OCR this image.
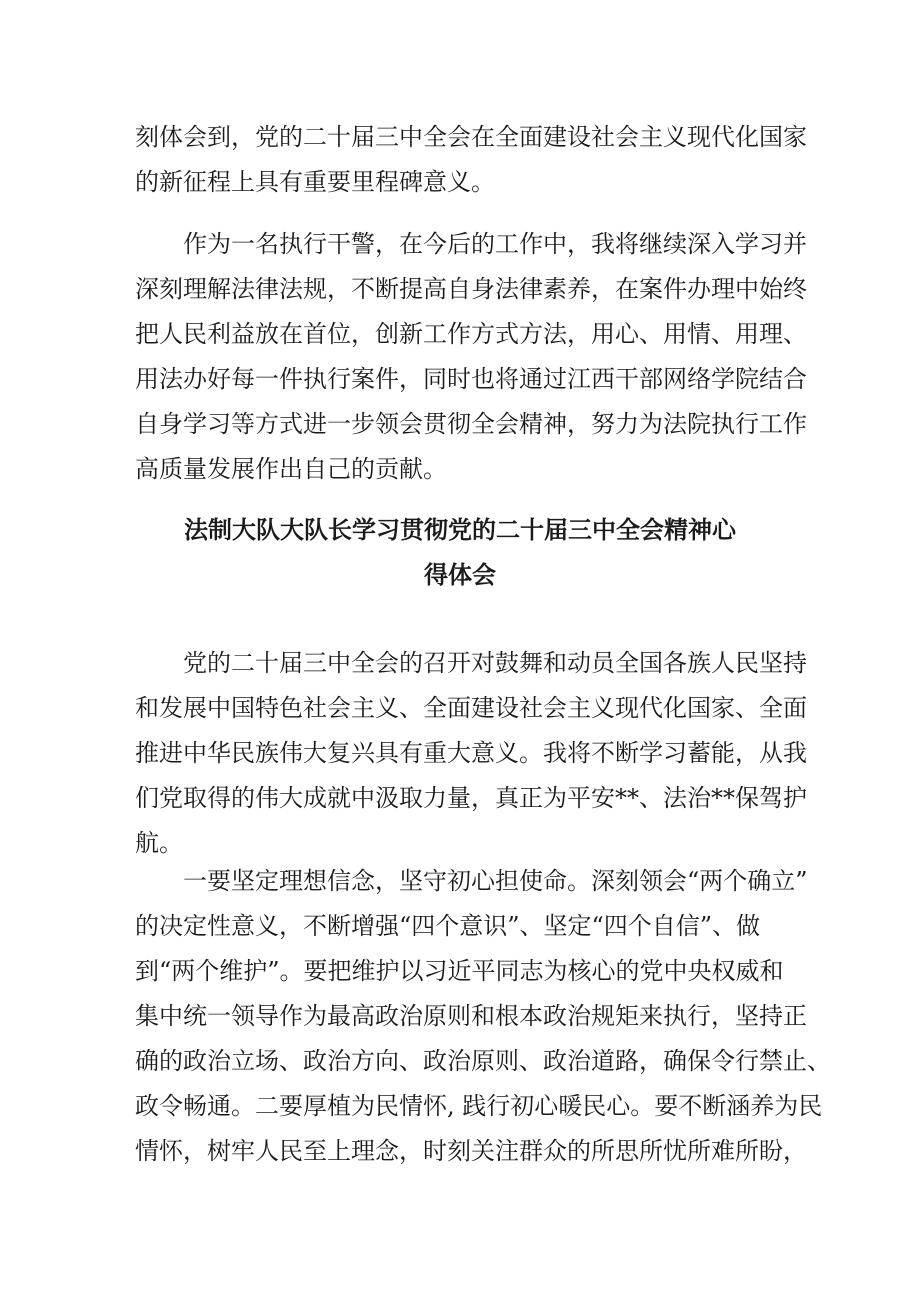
刻体会到，党的二十届三中全会在全面建设社会主义现代化国家
的新征程上具有重要里程碑意义。
作为一名执行干警，在今后的工作中，我将继续深入学习并
深刻理解法律法规，不断提高自身法律素养，在案件办理中始终
把人民利益放在首位，创新工作方式方法，用心、用情、用理、
用法办好每一件执行案件，同时也将通过江西干部网络学院结合
自身学习等方式进一步领会贯彻全会精神，努力为法院执行工作
高质量发展作出自己的贡献。
法制大队大队长学习贯彻党的二十届三中全会精神心
得体会
党的二十届三中全会的召开对鼓舞和动员全国各族人民坚持
和发展中国特色社会主义、全面建设社会主义现代化国家、全面
推进中华民族伟大复兴具有重大意义。我将不断学习蓄能，从我
们党取得的伟大成就中汲取力量，真正为平安**、法治**保驾护
航。
一要坚定理想信念，坚守初心担使命。深刻领会“两个确立”
的决定性意义，不断增强“四个意识”、坚定“四个自信”、做
到“两个维护”。要把维护以习近平同志为核心的党中央权威和
集中统一领导作为最高政治原则和根本政治规矩来执行，坚持正
确的政治立场、政治方向、政治原则、政治道路，确保令行禁止、
政令畅通。二要厚植为民情怀, 践行初心暖民心。要不断涵养为民
情怀，树牢人民至上理念，时刻关注群众的所思所忧所难所盼，
